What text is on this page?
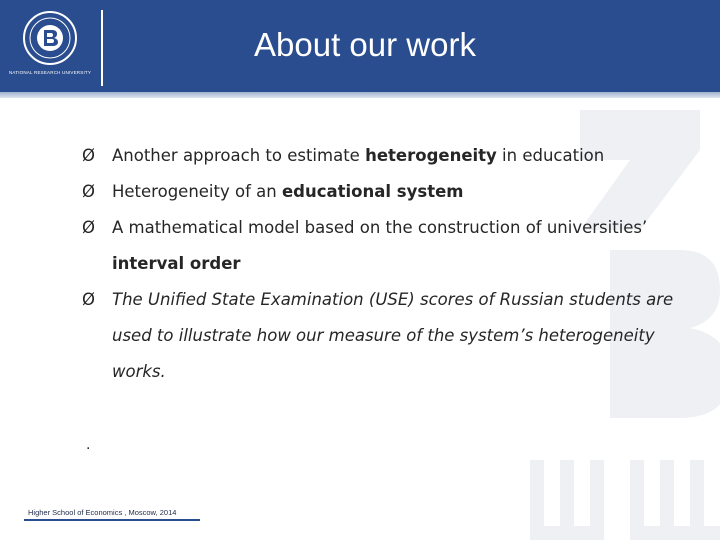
NATIONAL RESEARCH UNIVERSITY
About our work
Ø	Another approach to estimate heterogeneity in education
Ø	Heterogeneity of an educational system
Ø	A mathematical model based on the construction of universities’
interval order
Ø	The Unified State Examination (USE) scores of Russian students are
used to illustrate how our measure of the system’s heterogeneity
works.
.
Higher School of Economics , Moscow, 2014
